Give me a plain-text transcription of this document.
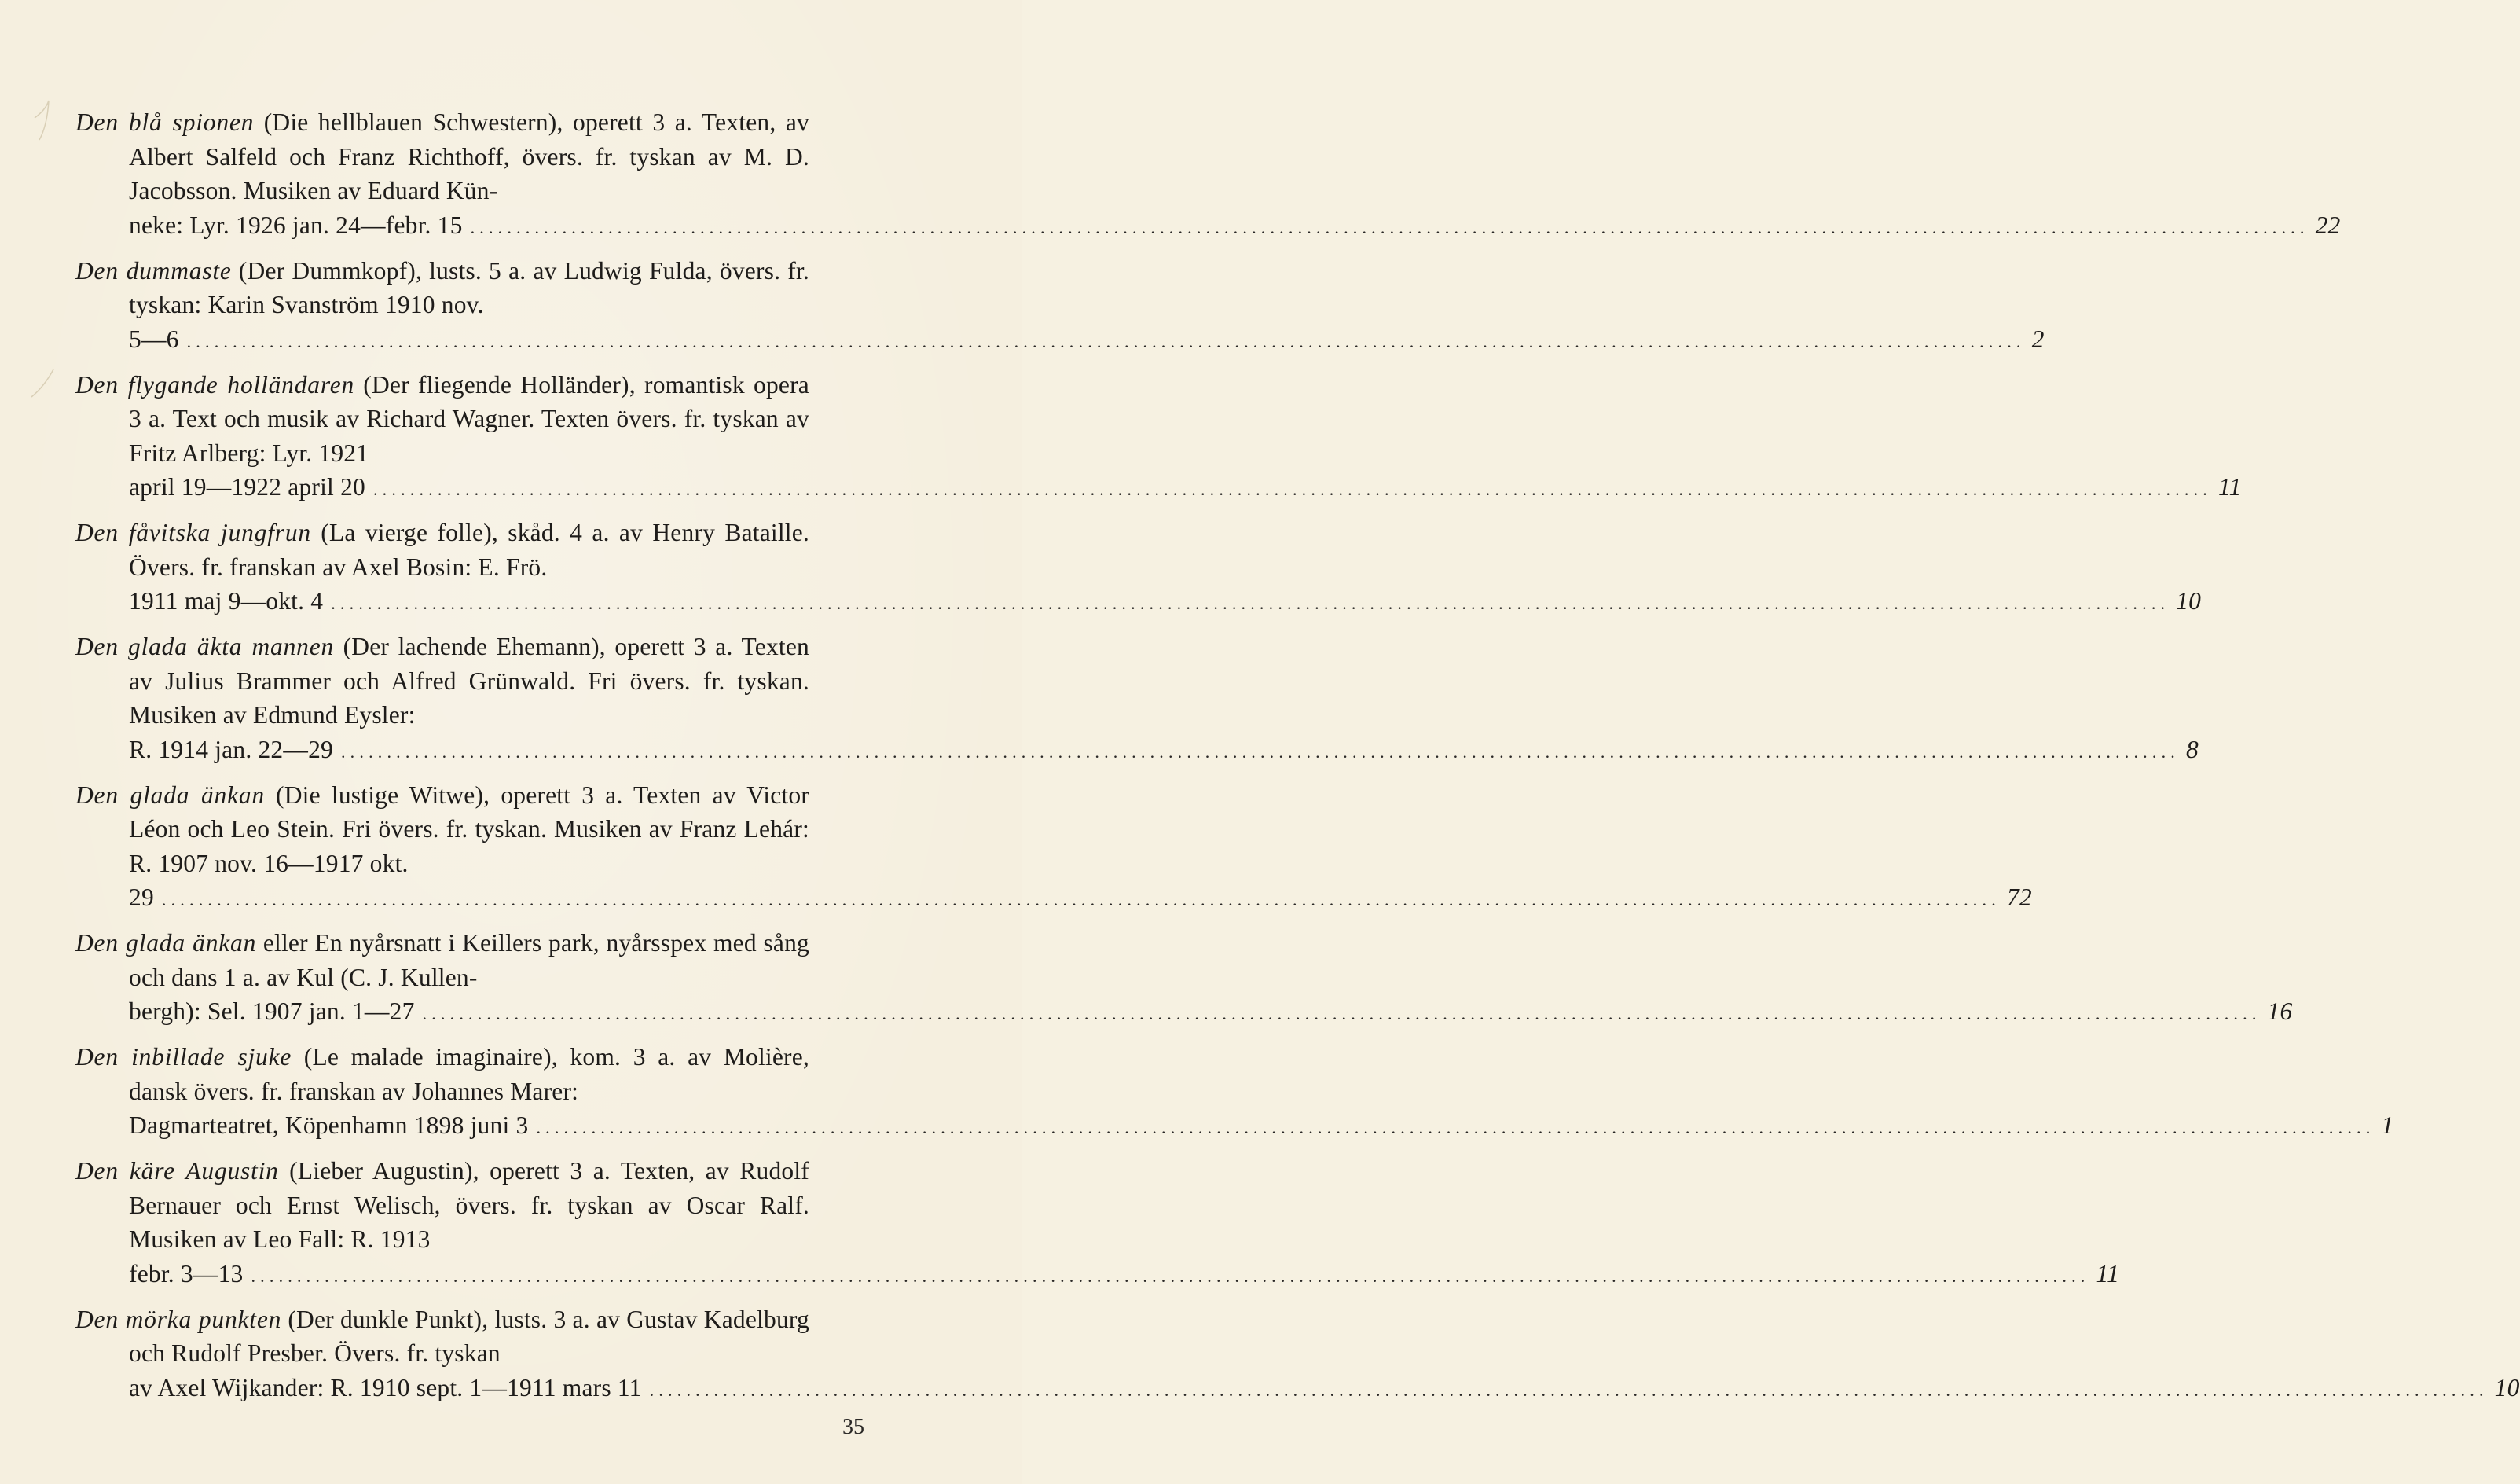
Den blå spionen (Die hellblauen Schwestern), operett 3 a. Texten, av Albert Salfeld och Franz Richthoff, övers. fr. tyskan av M. D. Jacobsson. Musiken av Eduard Kün-
neke: Lyr. 1926 jan. 24—febr. 15 ........................................................................................................................................................................................................ 22
Den dummaste (Der Dummkopf), lusts. 5 a. av Ludwig Fulda, övers. fr. tyskan: Karin Svanström 1910 nov.
5—6 ........................................................................................................................................................................................................ 2
Den flygande holländaren (Der fliegende Holländer), romantisk opera 3 a. Text och musik av Richard Wagner. Texten övers. fr. tyskan av Fritz Arlberg: Lyr. 1921
april 19—1922 april 20 ........................................................................................................................................................................................................ 11
Den fåvitska jungfrun (La vierge folle), skåd. 4 a. av Henry Bataille. Övers. fr. franskan av Axel Bosin: E. Frö.
1911 maj 9—okt. 4 ........................................................................................................................................................................................................ 10
Den glada äkta mannen (Der lachende Ehemann), operett 3 a. Texten av Julius Brammer och Alfred Grünwald. Fri övers. fr. tyskan. Musiken av Edmund Eysler:
R. 1914 jan. 22—29 ........................................................................................................................................................................................................ 8
Den glada änkan (Die lustige Witwe), operett 3 a. Texten av Victor Léon och Leo Stein. Fri övers. fr. tyskan. Musiken av Franz Lehár: R. 1907 nov. 16—1917 okt.
29 ........................................................................................................................................................................................................ 72
Den glada änkan eller En nyårsnatt i Keillers park, nyårsspex med sång och dans 1 a. av Kul (C. J. Kullen-
bergh): Sel. 1907 jan. 1—27 ........................................................................................................................................................................................................ 16
Den inbillade sjuke (Le malade imaginaire), kom. 3 a. av Molière, dansk övers. fr. franskan av Johannes Marer:
Dagmarteatret, Köpenhamn 1898 juni 3 ........................................................................................................................................................................................................ 1
Den käre Augustin (Lieber Augustin), operett 3 a. Texten, av Rudolf Bernauer och Ernst Welisch, övers. fr. tyskan av Oscar Ralf. Musiken av Leo Fall: R. 1913
febr. 3—13 ........................................................................................................................................................................................................ 11
Den mörka punkten (Der dunkle Punkt), lusts. 3 a. av Gustav Kadelburg och Rudolf Presber. Övers. fr. tyskan
av Axel Wijkander: R. 1910 sept. 1—1911 mars 11 ........................................................................................................................................................................................................ 10
35
